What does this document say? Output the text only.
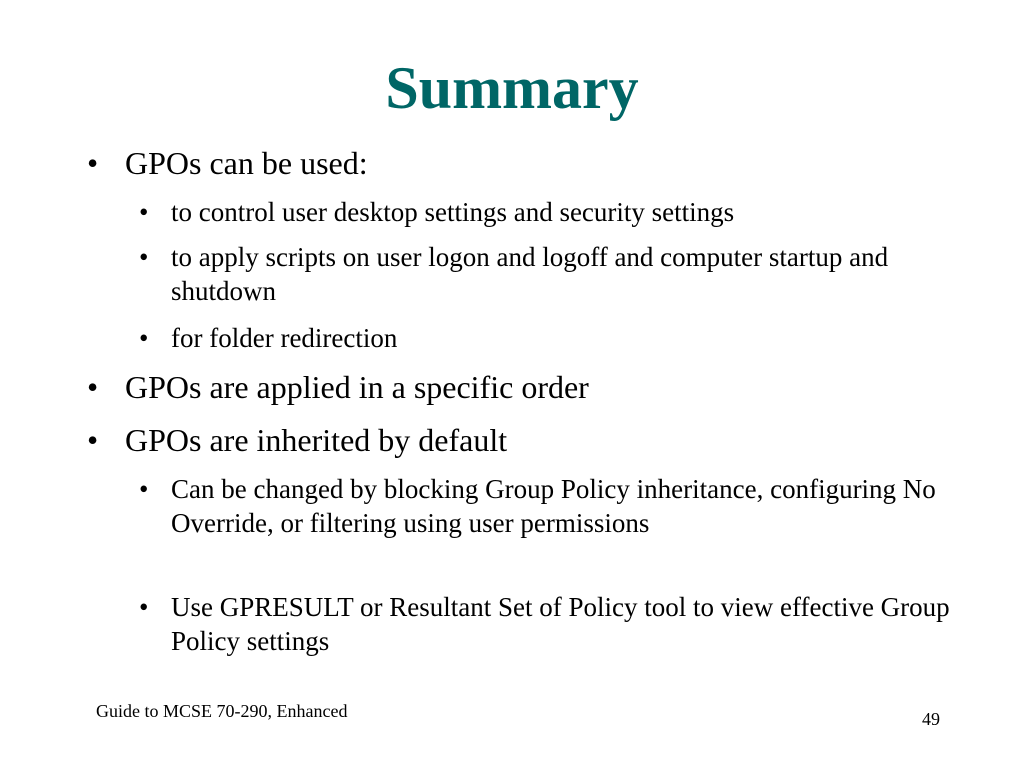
Summary
• GPOs can be used:
• to control user desktop settings and security settings
• to apply scripts on user logon and logoff and computer startup and shutdown
• for folder redirection
• GPOs are applied in a specific order
• GPOs are inherited by default
• Can be changed by blocking Group Policy inheritance, configuring No Override, or filtering using user permissions
• Use GPRESULT or Resultant Set of Policy tool to view effective Group Policy settings
Guide to MCSE 70-290, Enhanced	49
